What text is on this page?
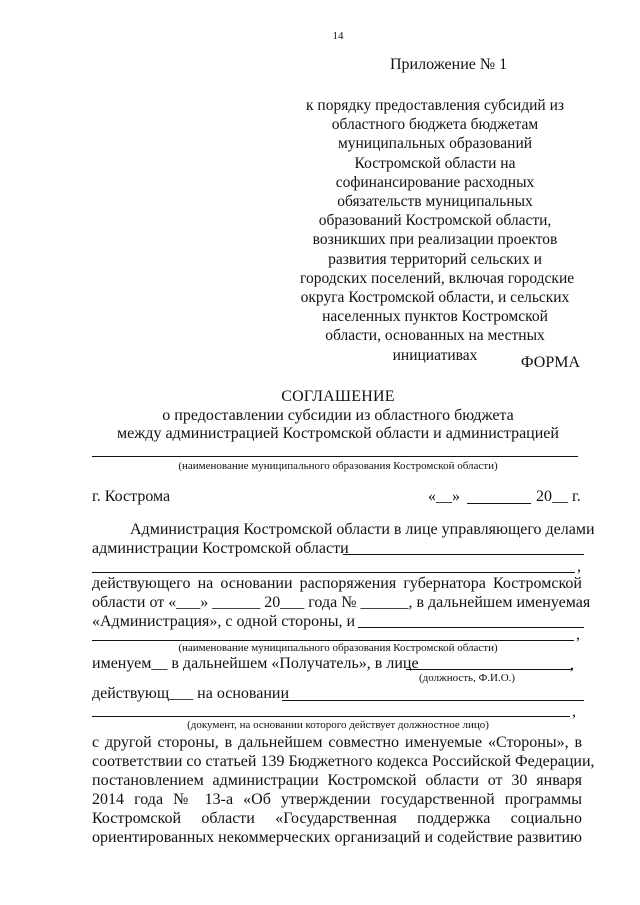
14
Приложение № 1
к порядку предоставления субсидий из
областного бюджета бюджетам
муниципальных образований
Костромской области на
софинансирование расходных
обязательств муниципальных
образований Костромской области,
возникших при реализации проектов
развития территорий сельских и
городских поселений, включая городские
округа Костромской области, и сельских
населенных пунктов Костромской
области, основанных на местных
инициативах	ФОРМА
СОГЛАШЕНИЕ
о предоставлении субсидии из областного бюджета
между администрацией Костромской области и администрацией
(наименование муниципального образования Костромской области)
г. Кострома	«__»	20__ г.
Администрация Костромской области в лице управляющего делами
администрации Костромской области
,
действующего на основании распоряжения губернатора Костромской
области от «___» ______ 20___ года № ______, в дальнейшем именуемая
«Администрация», с одной стороны, и
,
(наименование муниципального образования Костромской области)
именуем__ в дальнейшем «Получатель», в лице	,
(должность, Ф.И.О.)
действующ___ на основании
,
(документ, на основании которого действует должностное лицо)
с другой стороны, в дальнейшем совместно именуемые «Стороны», в
соответствии со статьей 139 Бюджетного кодекса Российской Федерации,
постановлением администрации Костромской области от 30 января
2014 года № 13-а «Об утверждении государственной программы
Костромской области «Государственная поддержка социально
ориентированных некоммерческих организаций и содействие развитию
